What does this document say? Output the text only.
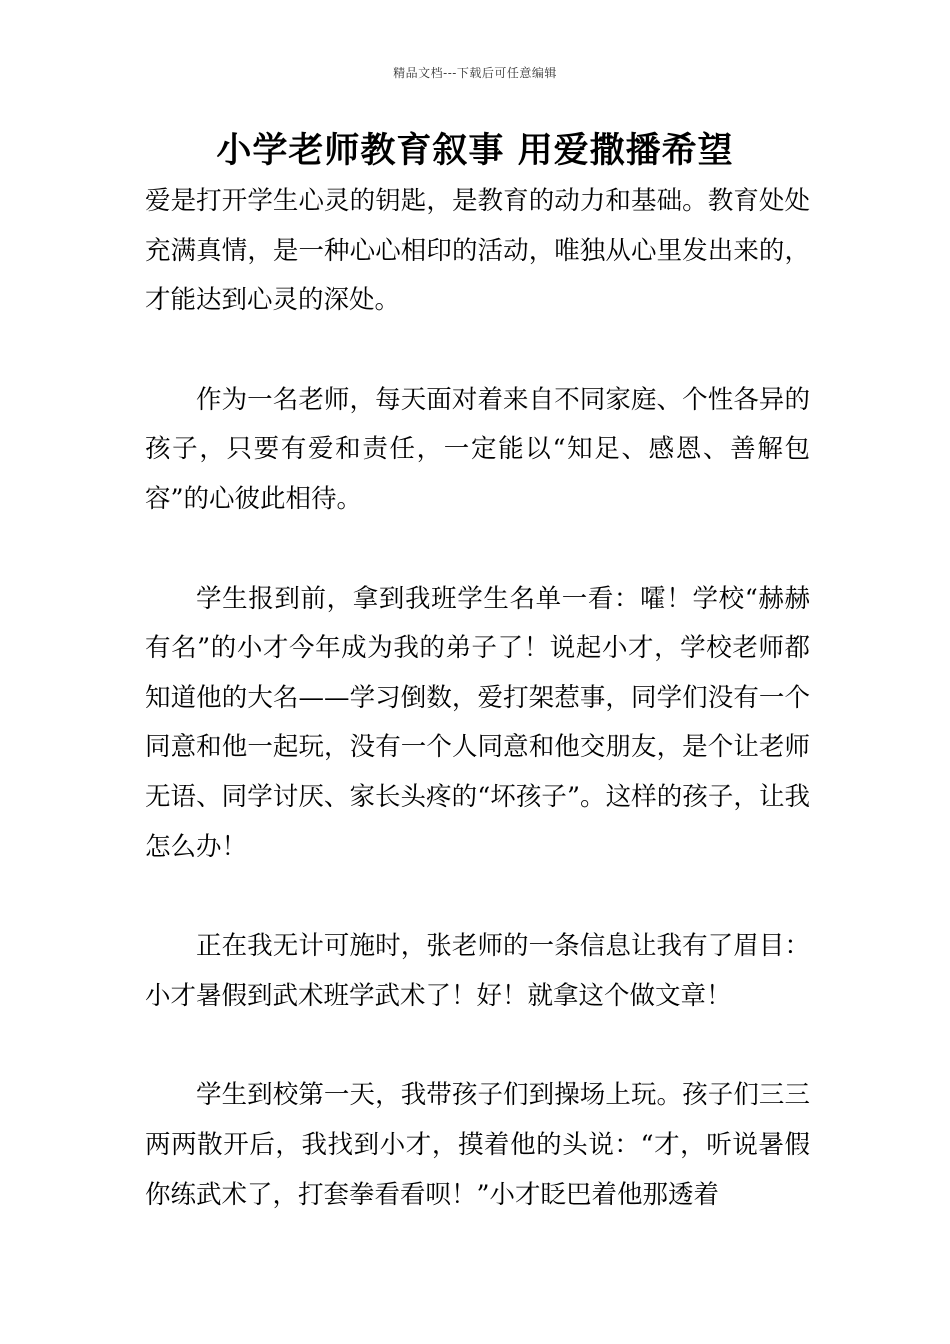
精品文档---下载后可任意编辑
小学老师教育叙事 用爱撒播希望

爱是打开学生心灵的钥匙，是教育的动力和基础。教育处处充满真情，是一种心心相印的活动，唯独从心里发出来的，才能达到心灵的深处。

作为一名老师，每天面对着来自不同家庭、个性各异的孩子，只要有爱和责任，一定能以“知足、感恩、善解包容”的心彼此相待。

学生报到前，拿到我班学生名单一看：嚯！学校“赫赫有名”的小才今年成为我的弟子了！说起小才，学校老师都知道他的大名——学习倒数，爱打架惹事，同学们没有一个同意和他一起玩，没有一个人同意和他交朋友，是个让老师无语、同学讨厌、家长头疼的“坏孩子”。这样的孩子，让我怎么办！

正在我无计可施时，张老师的一条信息让我有了眉目：小才暑假到武术班学武术了！好！就拿这个做文章！

学生到校第一天，我带孩子们到操场上玩。孩子们三三两两散开后，我找到小才，摸着他的头说：“才，听说暑假你练武术了，打套拳看看呗！”小才眨巴着他那透着
